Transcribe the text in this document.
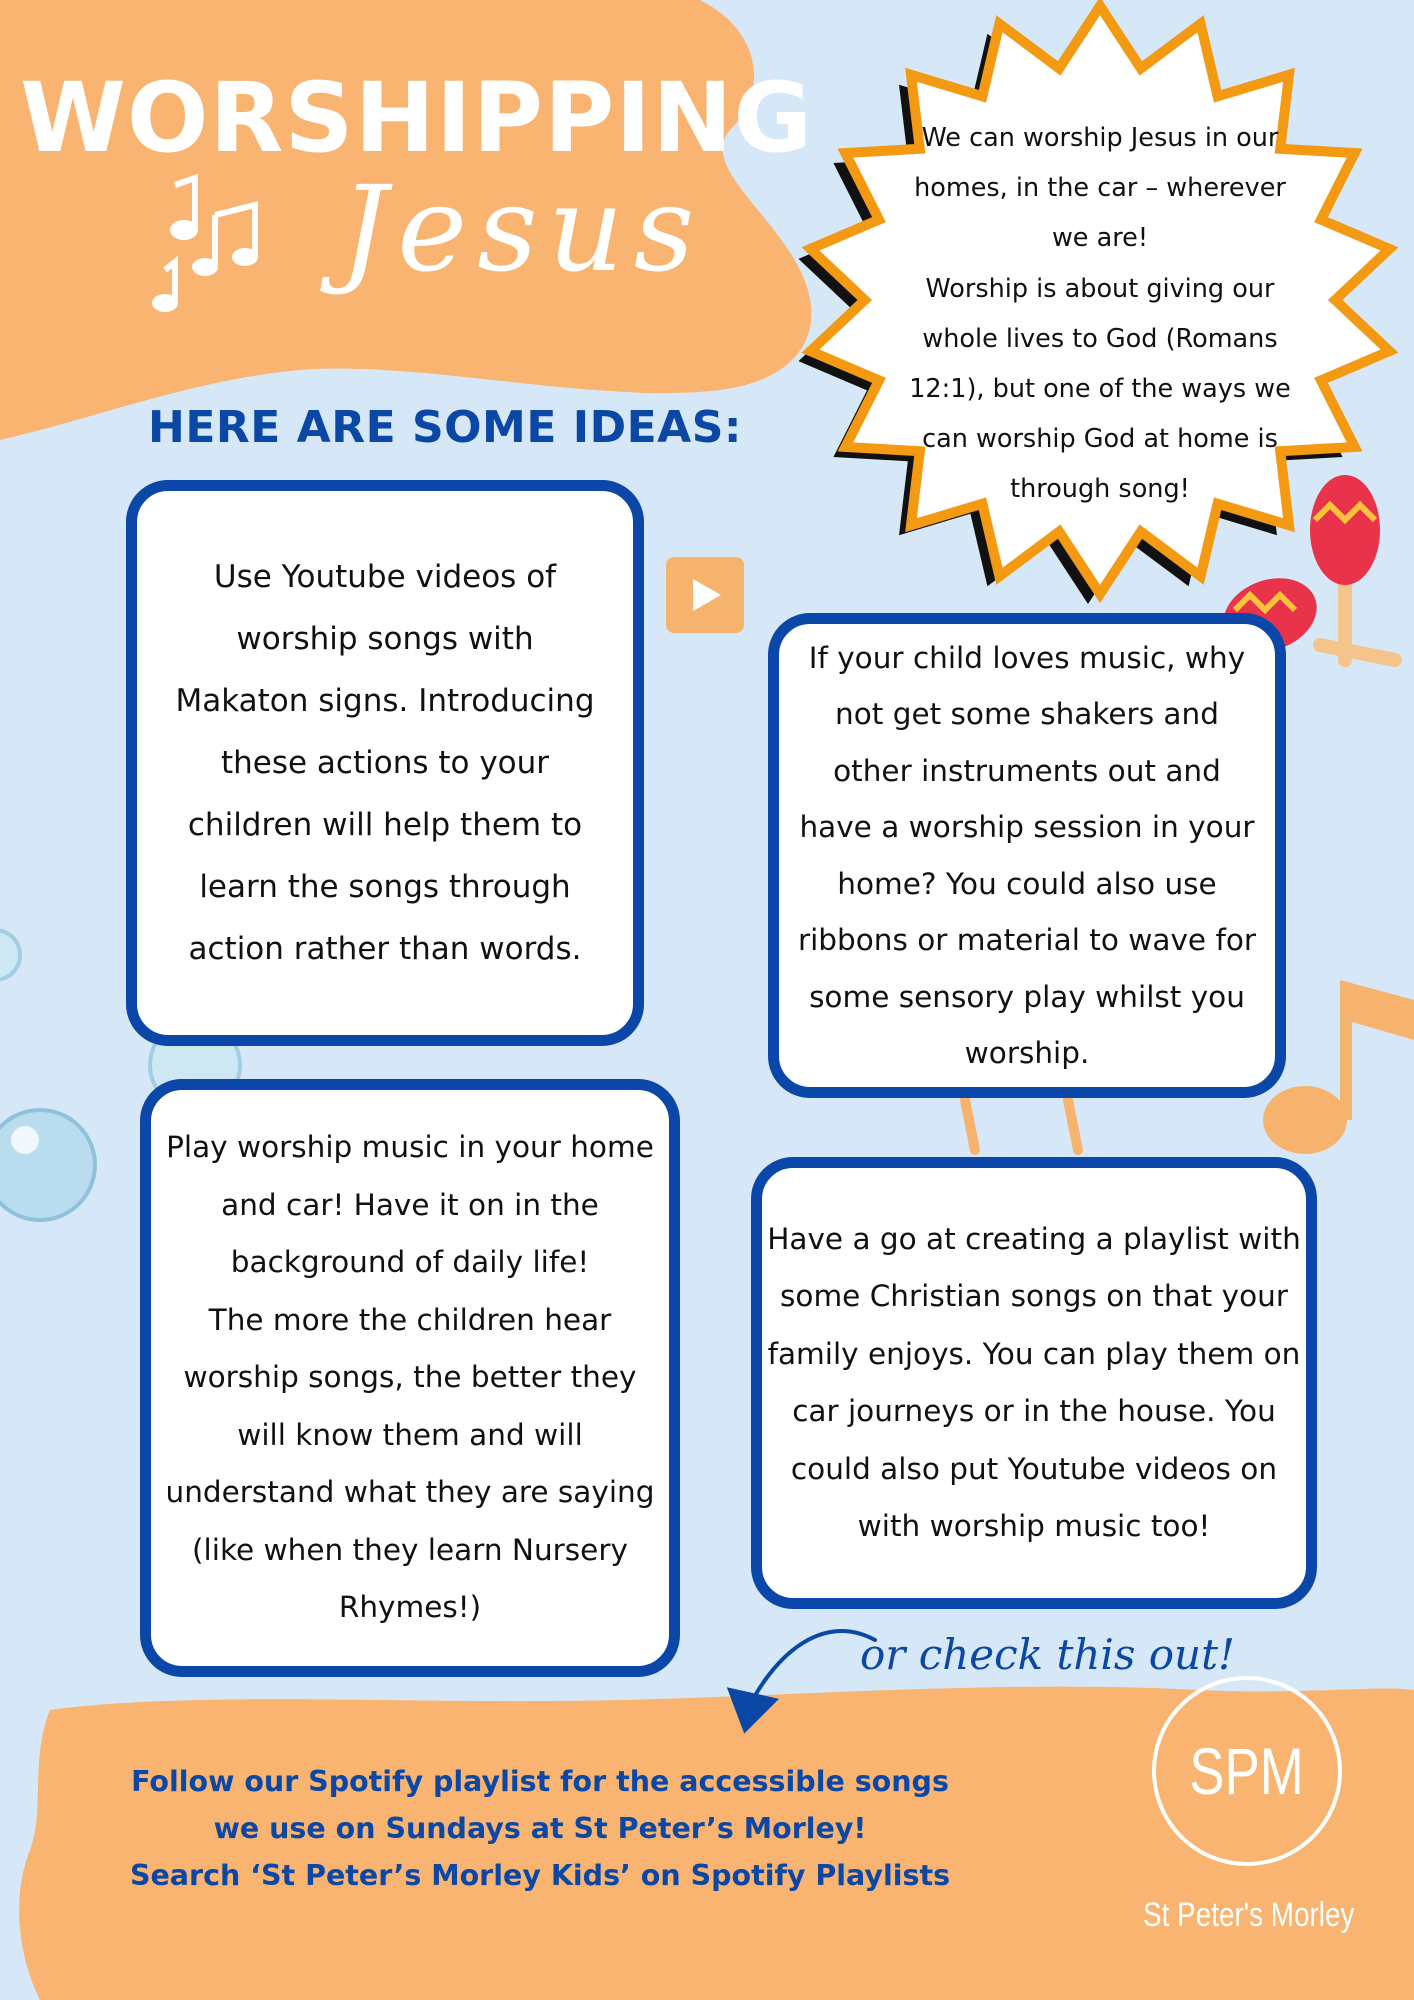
WORSHIPPING
Jesus
HERE ARE SOME IDEAS:
We can worship Jesus in our
homes, in the car – wherever
we are!
Worship is about giving our
whole lives to God (Romans
12:1), but one of the ways we
can worship God at home is
through song!

Use Youtube videos of
worship songs with
Makaton signs. Introducing
these actions to your
children will help them to
learn the songs through
action rather than words.

If your child loves music, why
not get some shakers and
other instruments out and
have a worship session in your
home? You could also use
ribbons or material to wave for
some sensory play whilst you
worship.

Play worship music in your home
and car! Have it on in the
background of daily life!
The more the children hear
worship songs, the better they
will know them and will
understand what they are saying
(like when they learn Nursery
Rhymes!)

Have a go at creating a playlist with
some Christian songs on that your
family enjoys. You can play them on
car journeys or in the house. You
could also put Youtube videos on
with worship music too!

or check this out!
Follow our Spotify playlist for the accessible songs
we use on Sundays at St Peter’s Morley!
Search ‘St Peter’s Morley Kids’ on Spotify Playlists
SPM
St Peter's Morley
